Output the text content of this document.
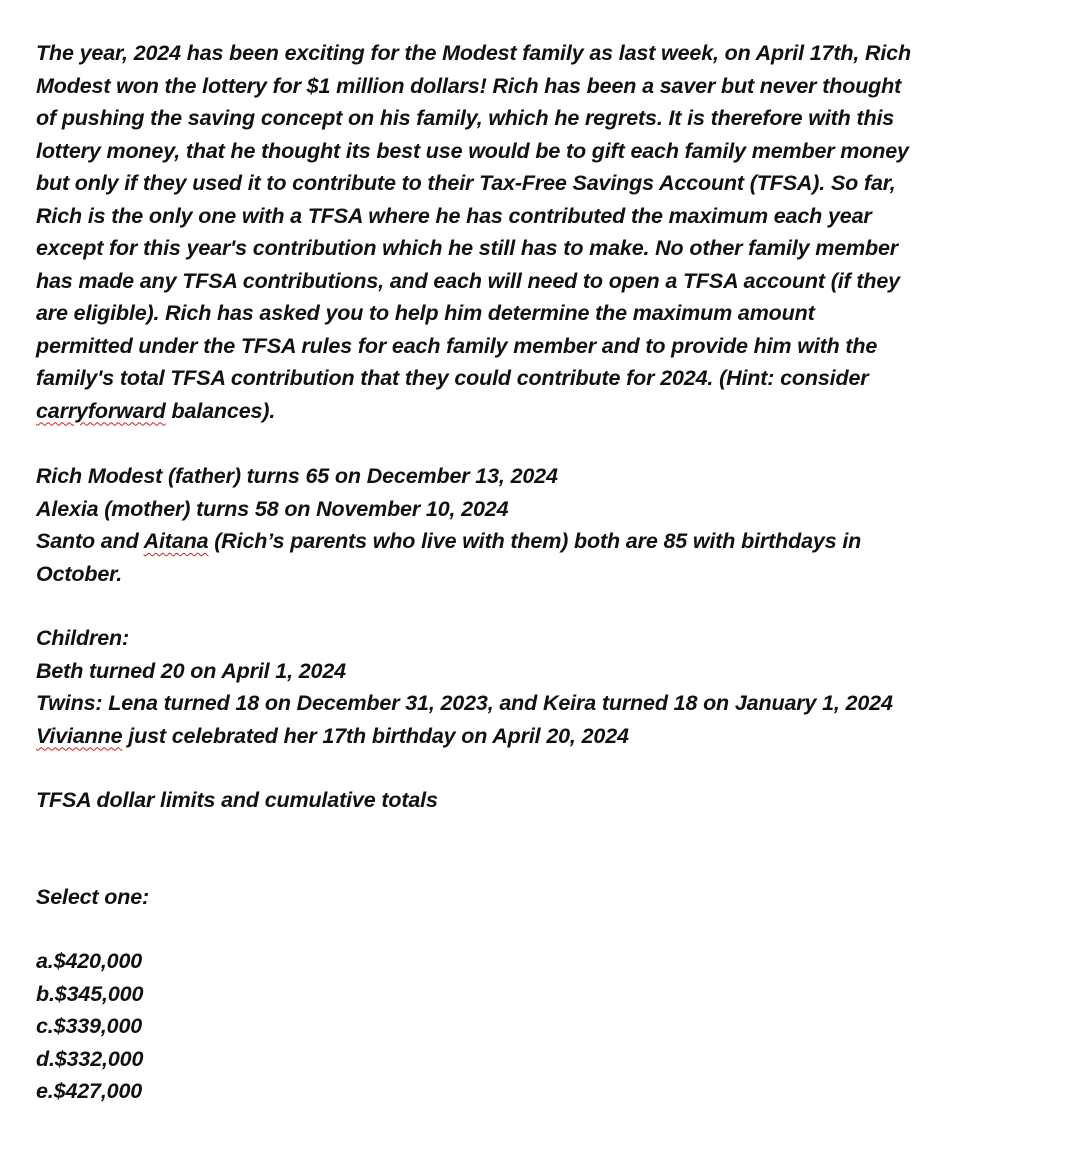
The year, 2024 has been exciting for the Modest family as last week, on April 17th, Rich
Modest won the lottery for $1 million dollars! Rich has been a saver but never thought
of pushing the saving concept on his family, which he regrets. It is therefore with this
lottery money, that he thought its best use would be to gift each family member money
but only if they used it to contribute to their Tax-Free Savings Account (TFSA). So far,
Rich is the only one with a TFSA where he has contributed the maximum each year
except for this year's contribution which he still has to make. No other family member
has made any TFSA contributions, and each will need to open a TFSA account (if they
are eligible). Rich has asked you to help him determine the maximum amount
permitted under the TFSA rules for each family member and to provide him with the
family's total TFSA contribution that they could contribute for 2024. (Hint: consider
carryforward balances).

Rich Modest (father) turns 65 on December 13, 2024
Alexia (mother) turns 58 on November 10, 2024
Santo and Aitana (Rich’s parents who live with them) both are 85 with birthdays in
October.

Children:
Beth turned 20 on April 1, 2024
Twins: Lena turned 18 on December 31, 2023, and Keira turned 18 on January 1, 2024
Vivianne just celebrated her 17th birthday on April 20, 2024

TFSA dollar limits and cumulative totals

Select one:

a.$420,000
b.$345,000
c.$339,000
d.$332,000
e.$427,000
